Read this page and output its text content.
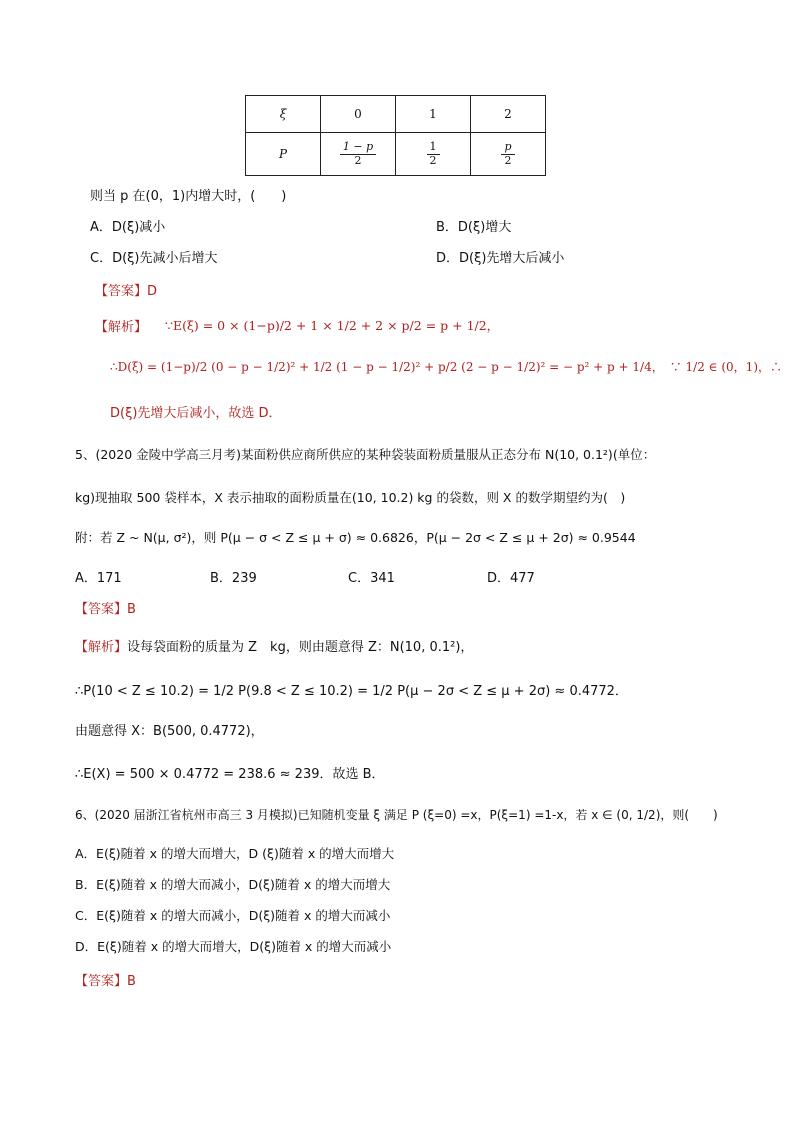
ξ	0	1	2
P	$\frac{1 - p}{2}$	$\frac{1}{2}$	$\frac{p}{2}$
则当 p 在(0，1)内增大时，(　　)
A．D(ξ)减小	B．D(ξ)增大
C．D(ξ)先减小后增大	D．D(ξ)先增大后减小
【答案】D
【解析】 ∵E(ξ) = 0 × (1−p)/2 + 1 × 1/2 + 2 × p/2 = p + 1/2，
∴D(ξ) = (1−p)/2 (0 − p − 1/2)² + 1/2 (1 − p − 1/2)² + p/2 (2 − p − 1/2)² = − p² + p + 1/4，　∵ 1/2 ∈ (0，1)，∴
D(ξ)先增大后减小，故选 D．
5、(2020 金陵中学高三月考)某面粉供应商所供应的某种袋装面粉质量服从正态分布 N(10, 0.1²)(单位：
kg)现抽取 500 袋样本，X 表示抽取的面粉质量在(10, 10.2) kg 的袋数，则 X 的数学期望约为(　)
附：若 Z ~ N(μ, σ²)，则 P(μ − σ < Z ≤ μ + σ) ≈ 0.6826，P(μ − 2σ < Z ≤ μ + 2σ) ≈ 0.9544
A．171	B．239	C．341	D．477
【答案】B
【解析】 设每袋面粉的质量为 Z　kg，则由题意得 Z：N(10, 0.1²)，
∴P(10 < Z ≤ 10.2) = 1/2 P(9.8 < Z ≤ 10.2) = 1/2 P(μ − 2σ < Z ≤ μ + 2σ) ≈ 0.4772．
由题意得 X：B(500, 0.4772)，
∴E(X) = 500 × 0.4772 = 238.6 ≈ 239．故选 B．
6、(2020 届浙江省杭州市高三 3 月模拟)已知随机变量 ξ 满足 P (ξ=0) =x，P(ξ=1) =1-x，若 x ∈ (0, 1/2)，则(　　)
A．E(ξ)随着 x 的增大而增大，D (ξ)随着 x 的增大而增大
B．E(ξ)随着 x 的增大而减小，D(ξ)随着 x 的增大而增大
C．E(ξ)随着 x 的增大而减小，D(ξ)随着 x 的增大而减小
D．E(ξ)随着 x 的增大而增大，D(ξ)随着 x 的增大而减小
【答案】B
